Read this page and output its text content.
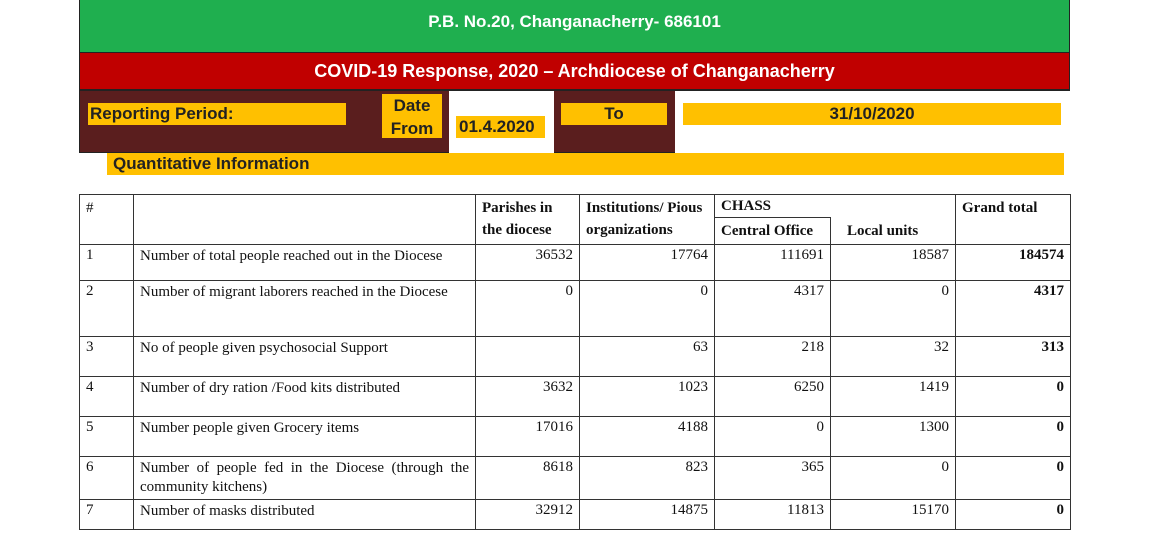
P.B. No.20, Changanacherry- 686101
COVID-19 Response, 2020 – Archdiocese of Changanacherry
Reporting Period:	Date
From	01.4.2020
To	31/10/2020
Quantitative Information
#		Parishes in the diocese	Institutions/ Pious organizations	CHASS		Grand total
				Central Office	Local units	
1	Number of total people reached out in the Diocese	36532	17764	111691	18587	184574
2	Number of migrant laborers reached in the Diocese	0	0	4317	0	4317
3	No of people given psychosocial Support		63	218	32	313
4	Number of dry ration /Food kits distributed	3632	1023	6250	1419	0
5	Number people given Grocery items	17016	4188	0	1300	0
6	Number of people fed in the Diocese (through the community kitchens)	8618	823	365	0	0
7	Number of masks distributed	32912	14875	11813	15170	0
